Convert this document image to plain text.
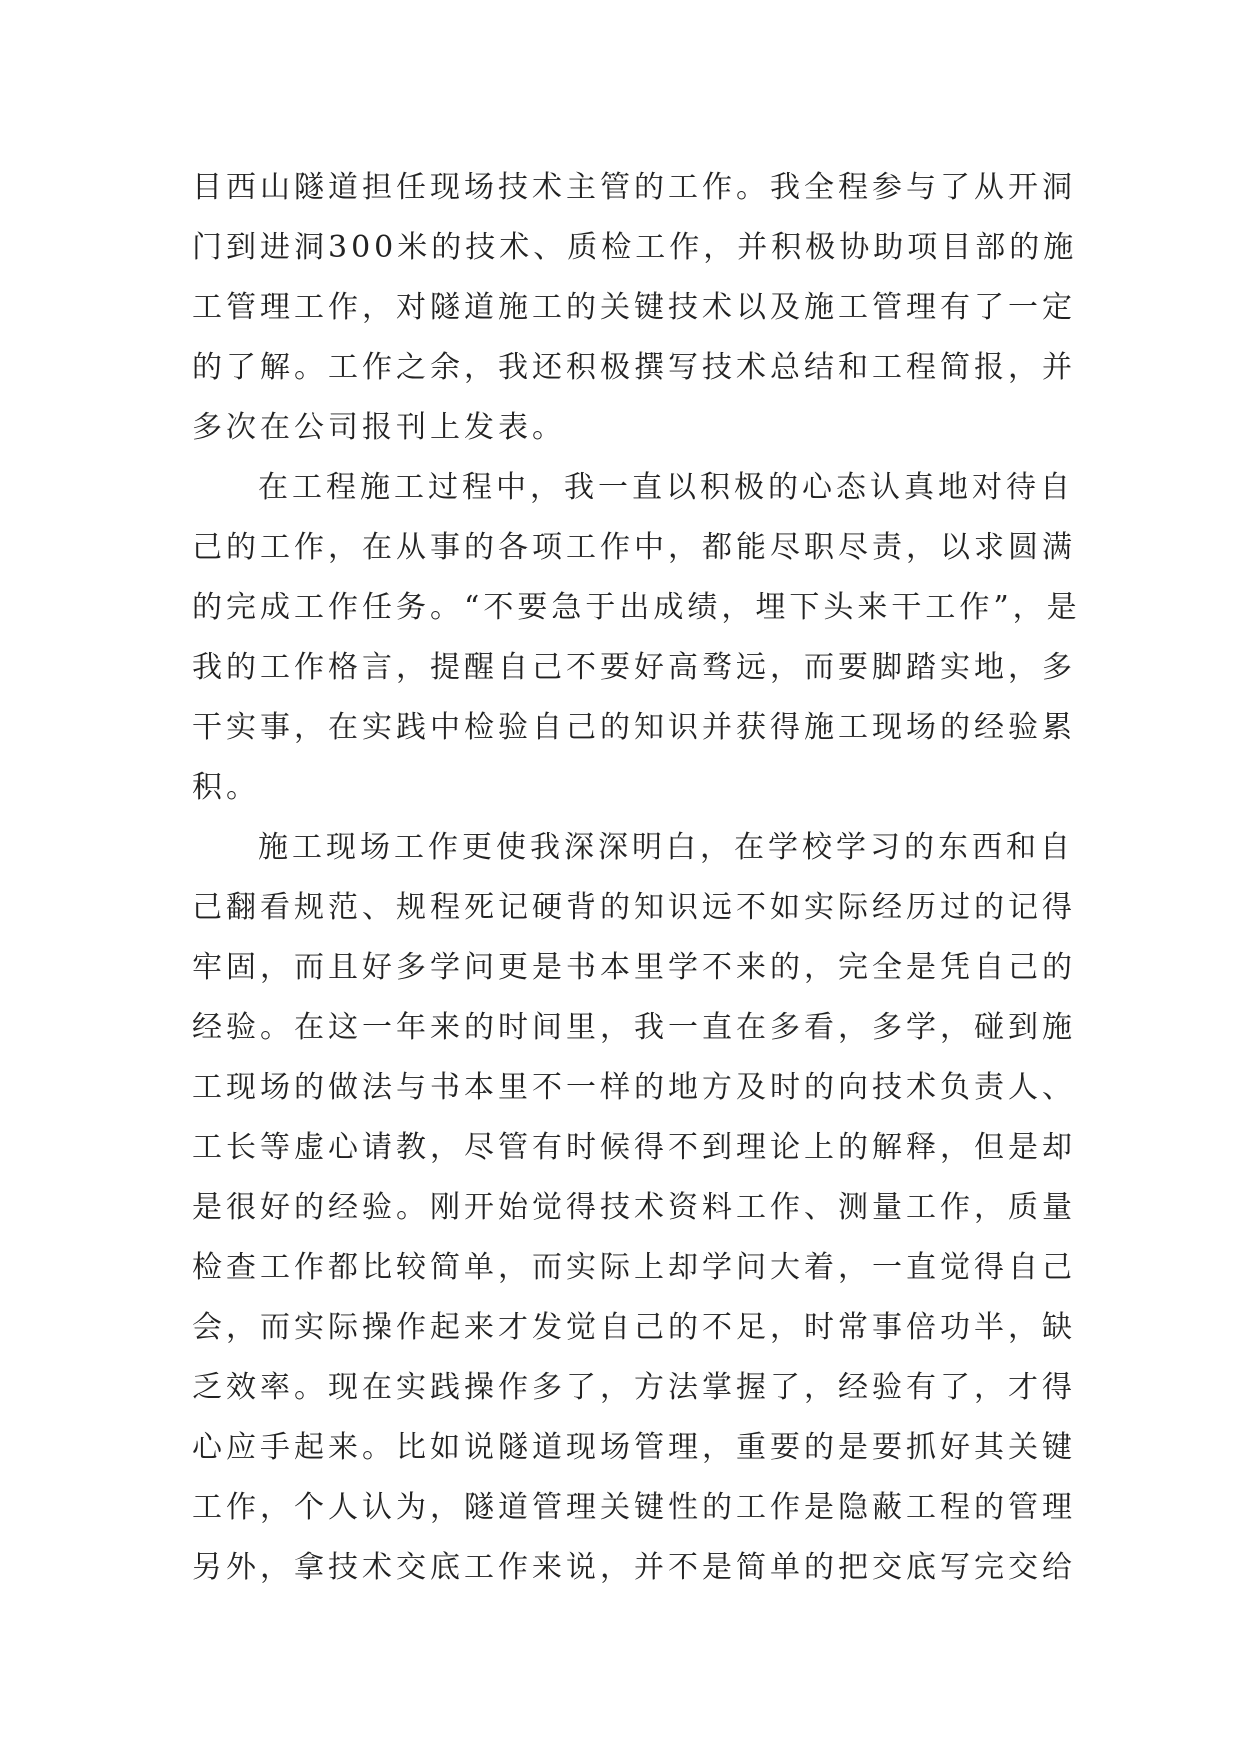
目西山隧道担任现场技术主管的工作。我全程参与了从开洞
门到进洞300米的技术、质检工作，并积极协助项目部的施
工管理工作，对隧道施工的关键技术以及施工管理有了一定
的了解。工作之余，我还积极撰写技术总结和工程简报，并
多次在公司报刊上发表。
在工程施工过程中，我一直以积极的心态认真地对待自
己的工作，在从事的各项工作中，都能尽职尽责，以求圆满
的完成工作任务。“不要急于出成绩，埋下头来干工作”，是
我的工作格言，提醒自己不要好高骛远，而要脚踏实地，多
干实事，在实践中检验自己的知识并获得施工现场的经验累
积。
施工现场工作更使我深深明白，在学校学习的东西和自
己翻看规范、规程死记硬背的知识远不如实际经历过的记得
牢固，而且好多学问更是书本里学不来的，完全是凭自己的
经验。在这一年来的时间里，我一直在多看，多学，碰到施
工现场的做法与书本里不一样的地方及时的向技术负责人、
工长等虚心请教，尽管有时候得不到理论上的解释，但是却
是很好的经验。刚开始觉得技术资料工作、测量工作，质量
检查工作都比较简单，而实际上却学问大着，一直觉得自己
会，而实际操作起来才发觉自己的不足，时常事倍功半，缺
乏效率。现在实践操作多了，方法掌握了，经验有了，才得
心应手起来。比如说隧道现场管理，重要的是要抓好其关键
工作，个人认为，隧道管理关键性的工作是隐蔽工程的管理
另外，拿技术交底工作来说，并不是简单的把交底写完交给
